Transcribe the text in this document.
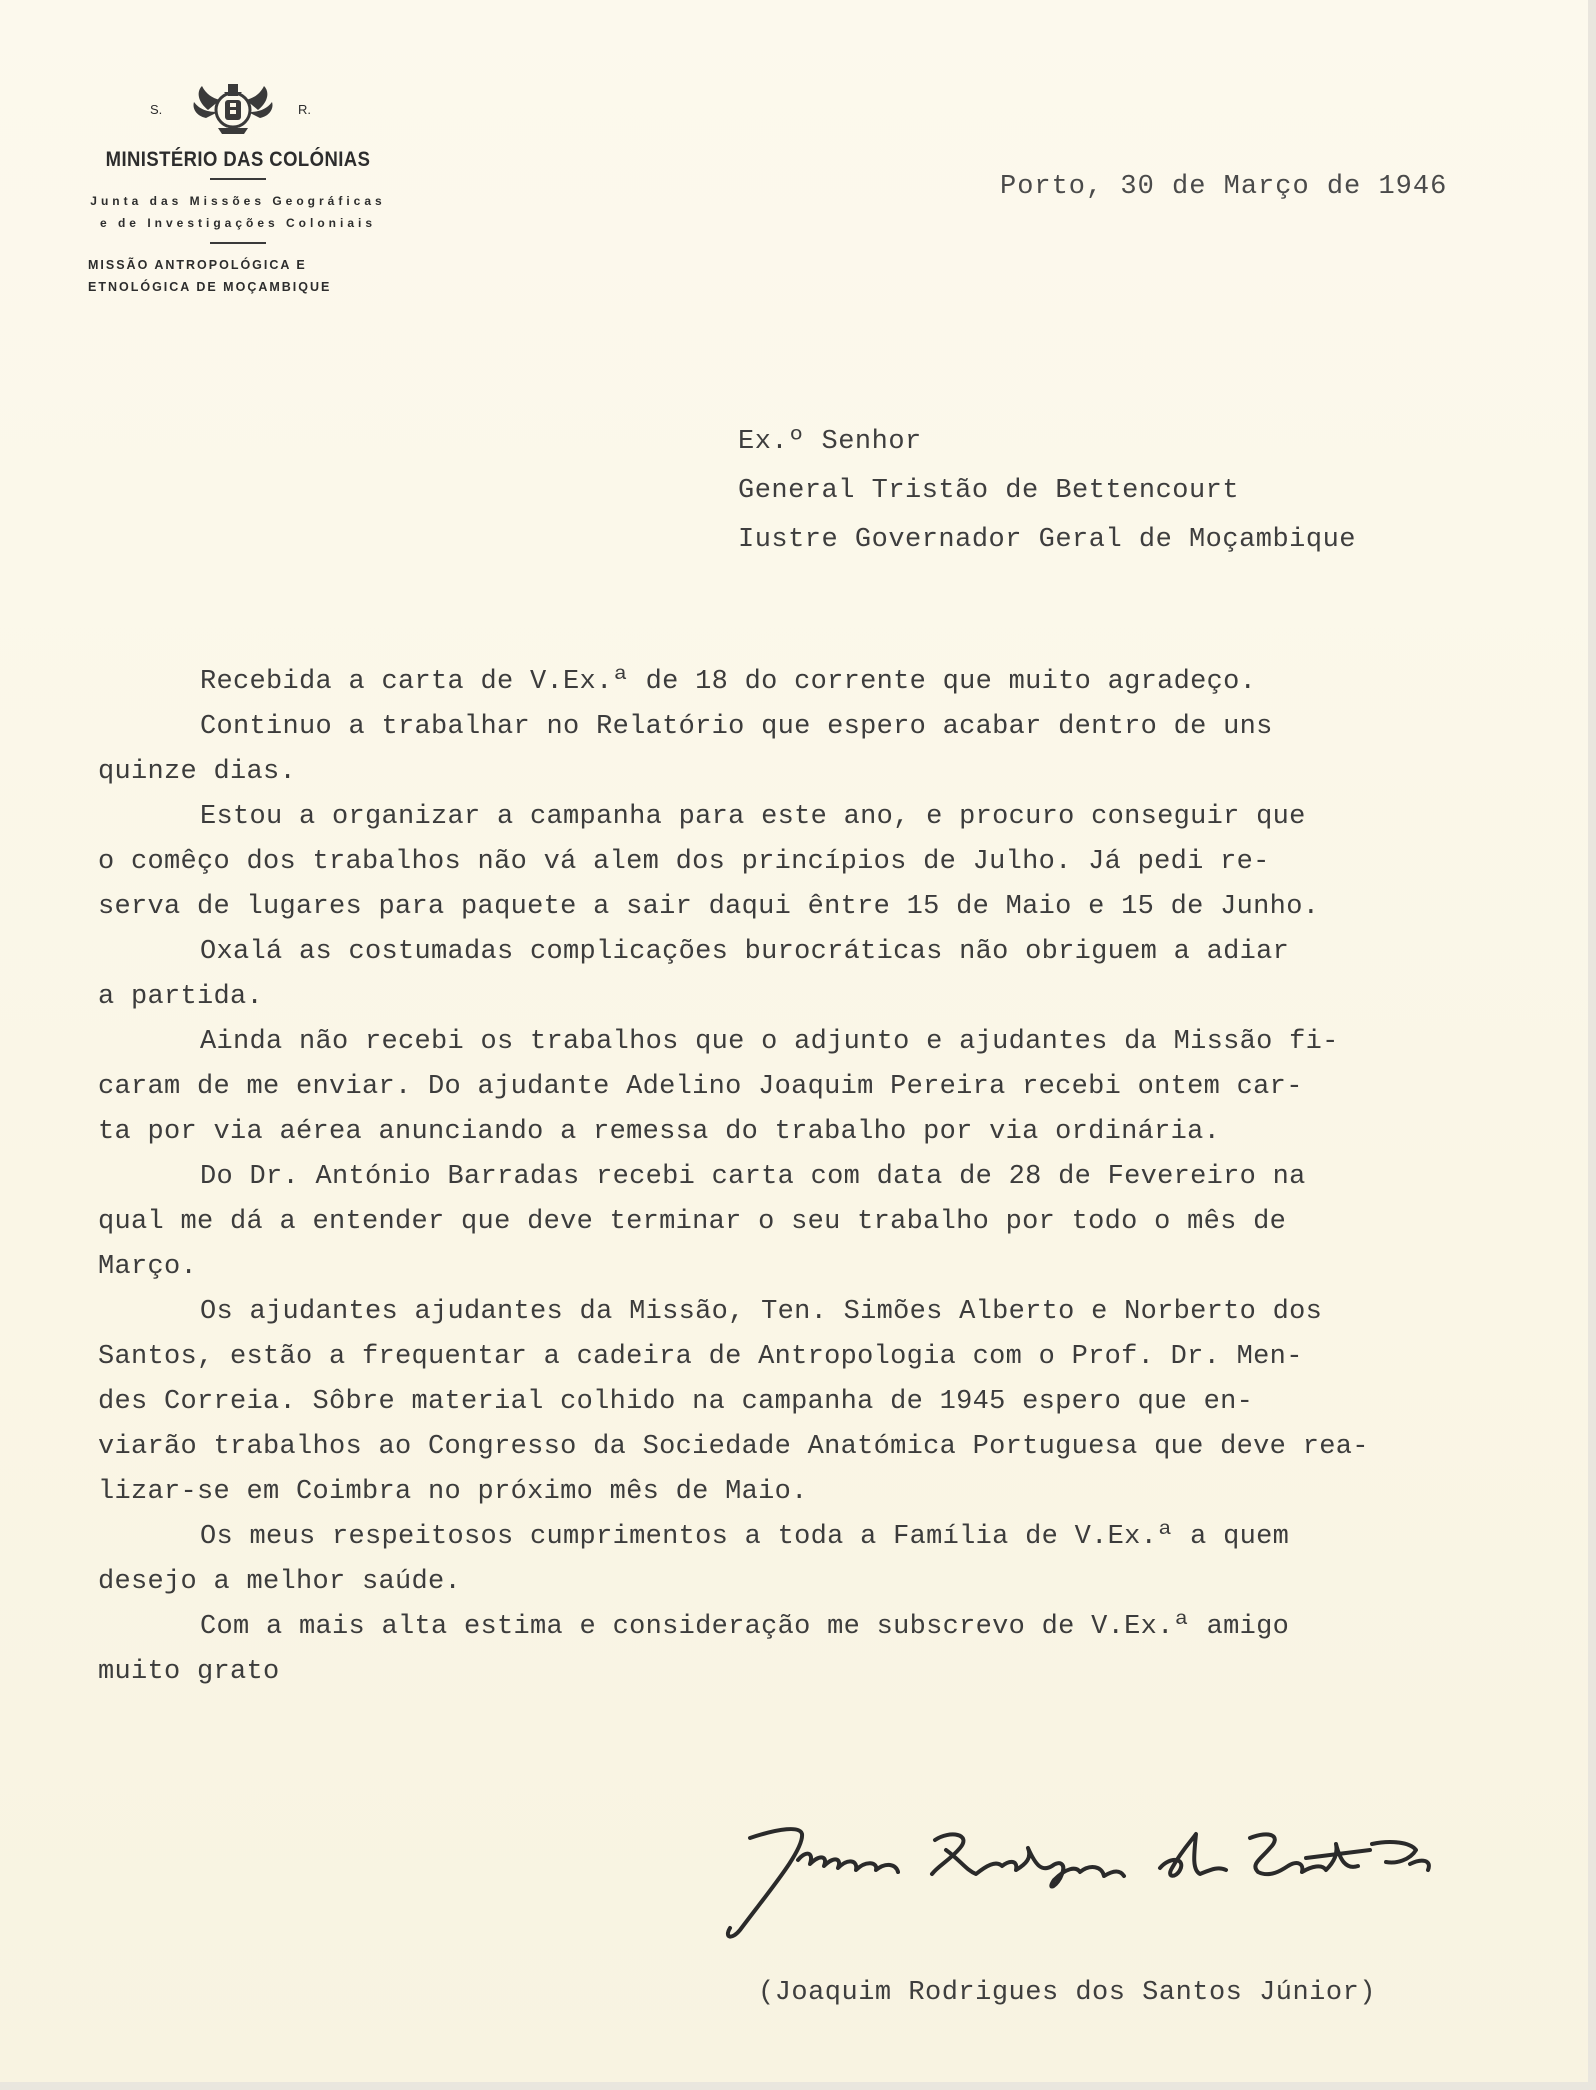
S.	R.
MINISTÉRIO DAS COLÓNIAS
Junta das Missões Geográficas
e de Investigações Coloniais
MISSÃO ANTROPOLÓGICA E
ETNOLÓGICA DE MOÇAMBIQUE
Porto, 30 de Março de 1946
Ex.º Senhor
General Tristão de Bettencourt
Iustre Governador Geral de Moçambique
Recebida a carta de V.Ex.ª de 18 do corrente que muito agradeço.
Continuo a trabalhar no Relatório que espero acabar dentro de uns
quinze dias.
Estou a organizar a campanha para este ano, e procuro conseguir que
o comêço dos trabalhos não vá alem dos princípios de Julho. Já pedi re-
serva de lugares para paquete a sair daqui êntre 15 de Maio e 15 de Junho.
Oxalá as costumadas complicações burocráticas não obriguem a adiar
a partida.
Ainda não recebi os trabalhos que o adjunto e ajudantes da Missão fi-
caram de me enviar. Do ajudante Adelino Joaquim Pereira recebi ontem car-
ta por via aérea anunciando a remessa do trabalho por via ordinária.
Do Dr. António Barradas recebi carta com data de 28 de Fevereiro na
qual me dá a entender que deve terminar o seu trabalho por todo o mês de
Março.
Os ajudantes ajudantes da Missão, Ten. Simões Alberto e Norberto dos
Santos, estão a frequentar a cadeira de Antropologia com o Prof. Dr. Men-
des Correia. Sôbre material colhido na campanha de 1945 espero que en-
viarão trabalhos ao Congresso da Sociedade Anatómica Portuguesa que deve rea-
lizar-se em Coimbra no próximo mês de Maio.
Os meus respeitosos cumprimentos a toda a Família de V.Ex.ª a quem
desejo a melhor saúde.
Com a mais alta estima e consideração me subscrevo de V.Ex.ª amigo
muito grato
(Joaquim Rodrigues dos Santos Júnior)
